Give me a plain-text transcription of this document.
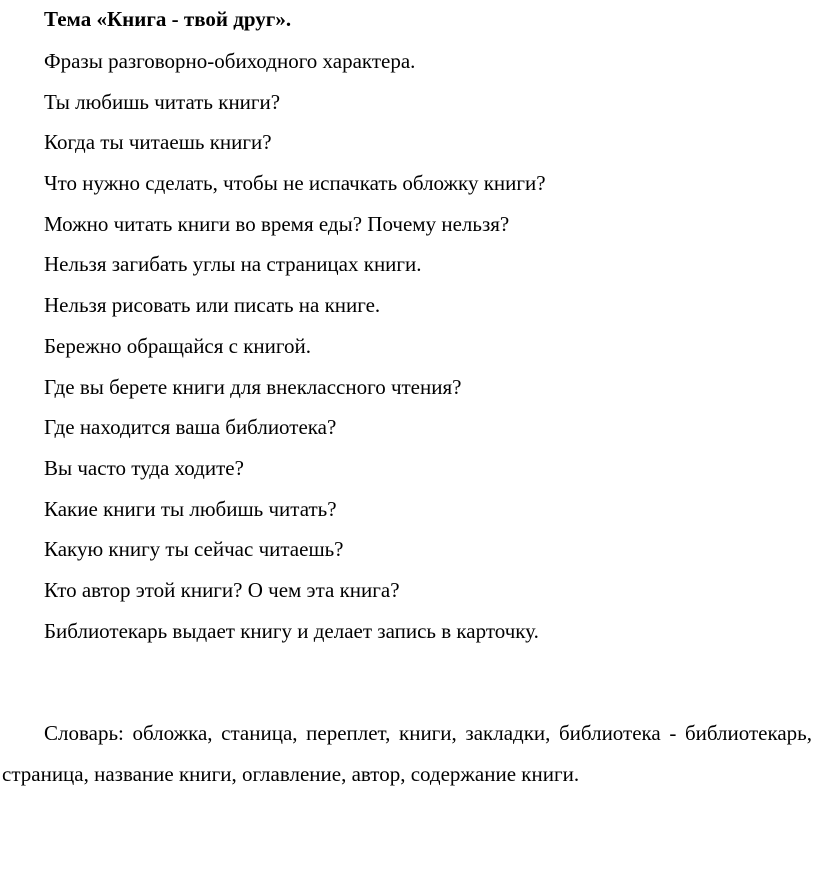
Тема «Книга - твой друг».
Фразы разговорно-обиходного характера.
Ты любишь читать книги?
Когда ты читаешь книги?
Что нужно сделать, чтобы не испачкать обложку книги?
Можно читать книги во время еды? Почему нельзя?
Нельзя загибать углы на страницах книги.
Нельзя рисовать или писать на книге.
Бережно обращайся с книгой.
Где вы берете книги для внеклассного чтения?
Где находится ваша библиотека?
Вы часто туда ходите?
Какие книги ты любишь читать?
Какую книгу ты сейчас читаешь?
Кто автор этой книги? О чем эта книга?
Библиотекарь выдает книгу и делает запись в карточку.

Словарь: обложка, станица, переплет, книги, закладки, библиотека - библиотекарь, страница, название книги, оглавление, автор, содержание книги.
